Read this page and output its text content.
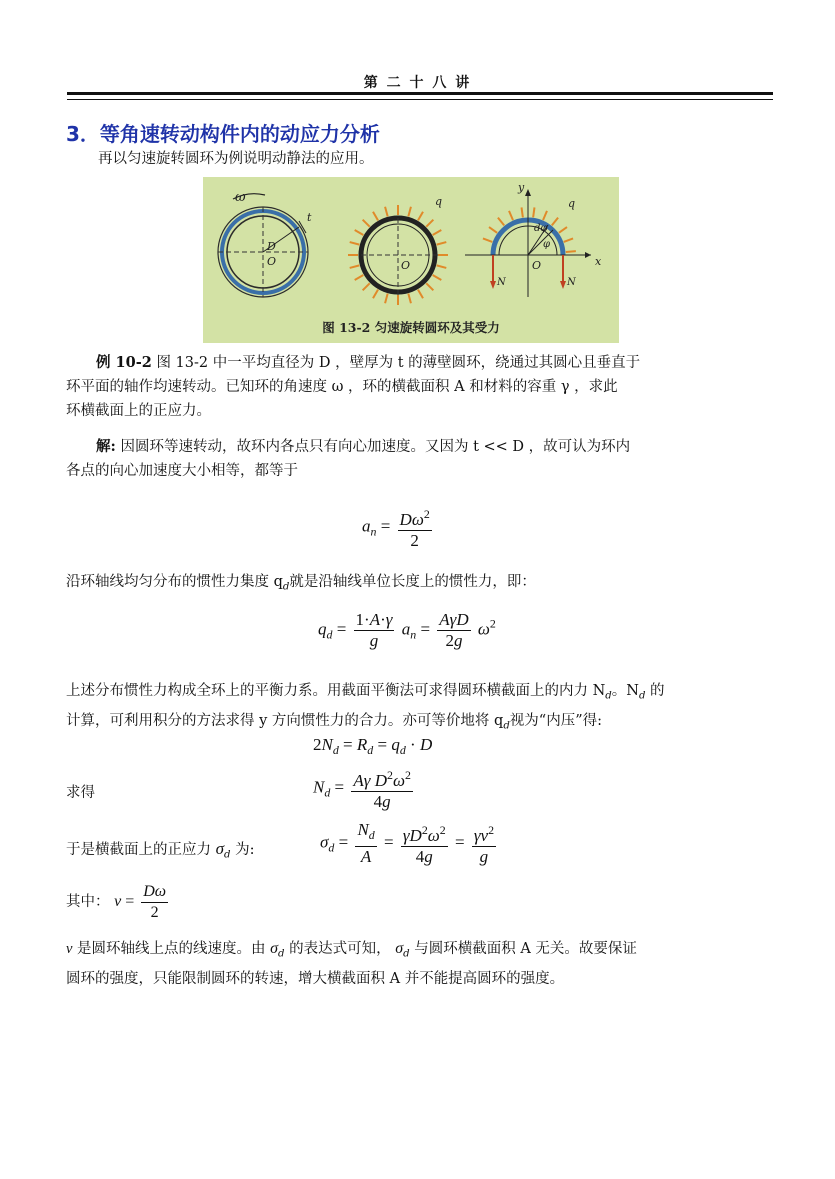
第 二 十 八 讲
3．等角速转动构件内的动应力分析
再以匀速旋转圆环为例说明动静法的应用。
ω
t
D
O	O
q
y
x
dφ
φ
O
q
N	N
图 13-2 匀速旋转圆环及其受力
例 10-2 图 13-2 中一平均直径为 D ，壁厚为 t 的薄壁圆环，绕通过其圆心且垂直于
环平面的轴作均速转动。已知环的角速度 ω ，环的横截面积 A 和材料的容重 γ ，求此
环横截面上的正应力。
解: 因圆环等速转动，故环内各点只有向心加速度。又因为 t << D ，故可认为环内
各点的向心加速度大小相等，都等于
$a_n = \frac{D\omega^2}{2}$
沿环轴线均匀分布的惯性力集度 $q_d$就是沿轴线单位长度上的惯性力，即：
$q_d = \frac{1\cdot A\cdot\gamma}{g} a_n = \frac{\text{AγD}}{2g} \omega^2$
上述分布惯性力构成全环上的平衡力系。用截面平衡法可求得圆环横截面上的内力 $N_d$。$N_d$ 的
计算，可利用积分的方法求得 y 方向惯性力的合力。亦可等价地将 $q_d$视为“内压”得:
$2N_d = R_d = q_d \cdot D$
求得	$N_d = \frac{A\gamma D^2\omega^2}{4g}$
于是横截面上的正应力 $\sigma_d$ 为:	$\sigma_d = \frac{N_d}{A} = \frac{\gamma D^2\omega^2}{4g} = \frac{\gamma v^2}{g}$
其中： $v = \frac{D\omega}{2}$
v 是圆环轴线上点的线速度。由 $\sigma_d$ 的表达式可知， $\sigma_d$ 与圆环横截面积 A 无关。故要保证
圆环的强度，只能限制圆环的转速，增大横截面积 A 并不能提高圆环的强度。
